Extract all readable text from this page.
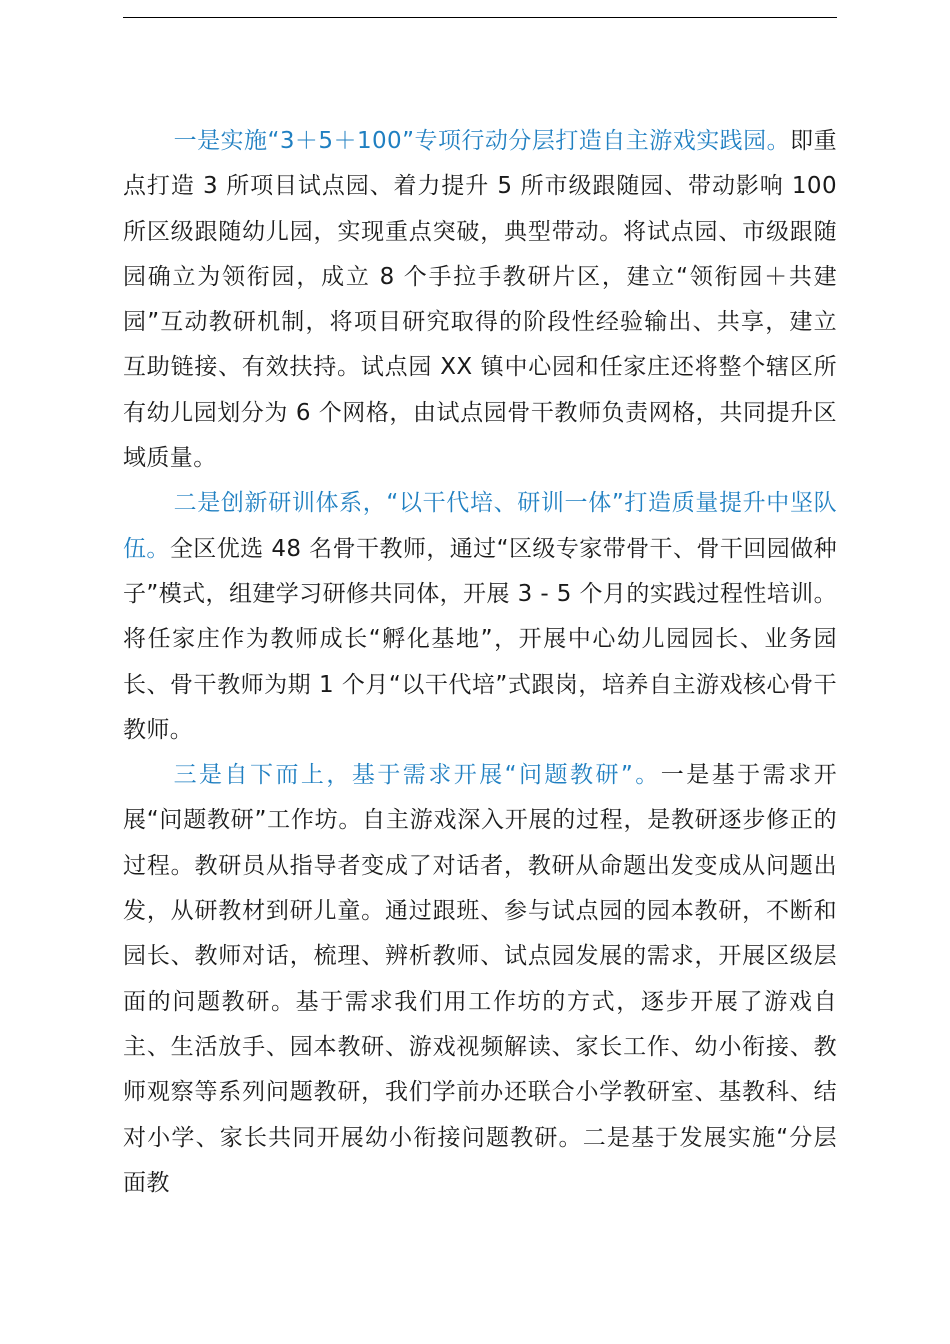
一是实施“3＋5＋100”专项行动分层打造自主游戏实践园。即重点打造 3 所项目试点园、着力提升 5 所市级跟随园、带动影响 100 所区级跟随幼儿园，实现重点突破，典型带动。将试点园、市级跟随园确立为领衔园，成立 8 个手拉手教研片区，建立“领衔园＋共建园”互动教研机制，将项目研究取得的阶段性经验输出、共享，建立互助链接、有效扶持。试点园 XX 镇中心园和任家庄还将整个辖区所有幼儿园划分为 6 个网格，由试点园骨干教师负责网格，共同提升区域质量。

二是创新研训体系，“以干代培、研训一体”打造质量提升中坚队伍。全区优选 48 名骨干教师，通过“区级专家带骨干、骨干回园做种子”模式，组建学习研修共同体，开展 3 - 5 个月的实践过程性培训。将任家庄作为教师成长“孵化基地”，开展中心幼儿园园长、业务园长、骨干教师为期 1 个月“以干代培”式跟岗，培养自主游戏核心骨干教师。

三是自下而上，基于需求开展“问题教研”。一是基于需求开展“问题教研”工作坊。自主游戏深入开展的过程，是教研逐步修正的过程。教研员从指导者变成了对话者，教研从命题出发变成从问题出发，从研教材到研儿童。通过跟班、参与试点园的园本教研，不断和园长、教师对话，梳理、辨析教师、试点园发展的需求，开展区级层面的问题教研。基于需求我们用工作坊的方式，逐步开展了游戏自主、生活放手、园本教研、游戏视频解读、家长工作、幼小衔接、教师观察等系列问题教研，我们学前办还联合小学教研室、基教科、结对小学、家长共同开展幼小衔接问题教研。二是基于发展实施“分层面教
